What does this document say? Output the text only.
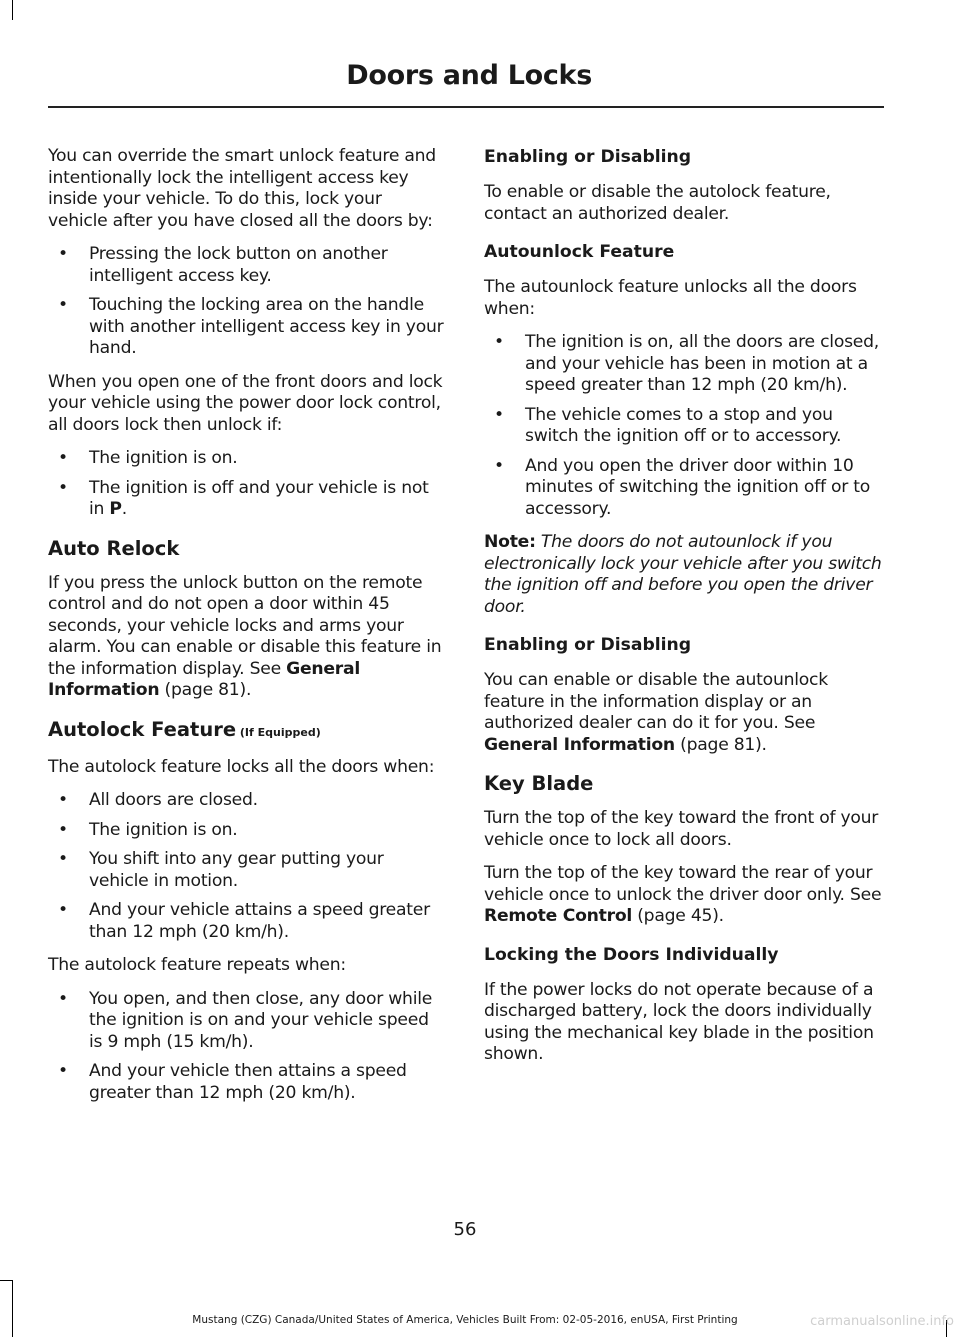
Doors and Locks

You can override the smart unlock feature and intentionally lock the intelligent access key inside your vehicle. To do this, lock your vehicle after you have closed all the doors by:

• Pressing the lock button on another intelligent access key.
• Touching the locking area on the handle with another intelligent access key in your hand.

When you open one of the front doors and lock your vehicle using the power door lock control, all doors lock then unlock if:

• The ignition is on.
• The ignition is off and your vehicle is not in P.
Auto Relock

If you press the unlock button on the remote control and do not open a door within 45 seconds, your vehicle locks and arms your alarm. You can enable or disable this feature in the information display. See General Information (page 81).

Autolock Feature (If Equipped)

The autolock feature locks all the doors when:

• All doors are closed.
• The ignition is on.
• You shift into any gear putting your vehicle in motion.
• And your vehicle attains a speed greater than 12 mph (20 km/h).

The autolock feature repeats when:

• You open, and then close, any door while the ignition is on and your vehicle speed is 9 mph (15 km/h).
• And your vehicle then attains a speed greater than 12 mph (20 km/h).
Enabling or Disabling

To enable or disable the autolock feature, contact an authorized dealer.

Autounlock Feature

The autounlock feature unlocks all the doors when:

• The ignition is on, all the doors are closed, and your vehicle has been in motion at a speed greater than 12 mph (20 km/h).
• The vehicle comes to a stop and you switch the ignition off or to accessory.
• And you open the driver door within 10 minutes of switching the ignition off or to accessory.

Note: The doors do not autounlock if you electronically lock your vehicle after you switch the ignition off and before you open the driver door.

Enabling or Disabling

You can enable or disable the autounlock feature in the information display or an authorized dealer can do it for you. See General Information (page 81).

Key Blade

Turn the top of the key toward the front of your vehicle once to lock all doors.

Turn the top of the key toward the rear of your vehicle once to unlock the driver door only. See Remote Control (page 45).

Locking the Doors Individually

If the power locks do not operate because of a discharged battery, lock the doors individually using the mechanical key blade in the position shown.

56
Mustang (CZG) Canada/United States of America, Vehicles Built From: 02-05-2016, enUSA, First Printing	carmanualsonline.info
